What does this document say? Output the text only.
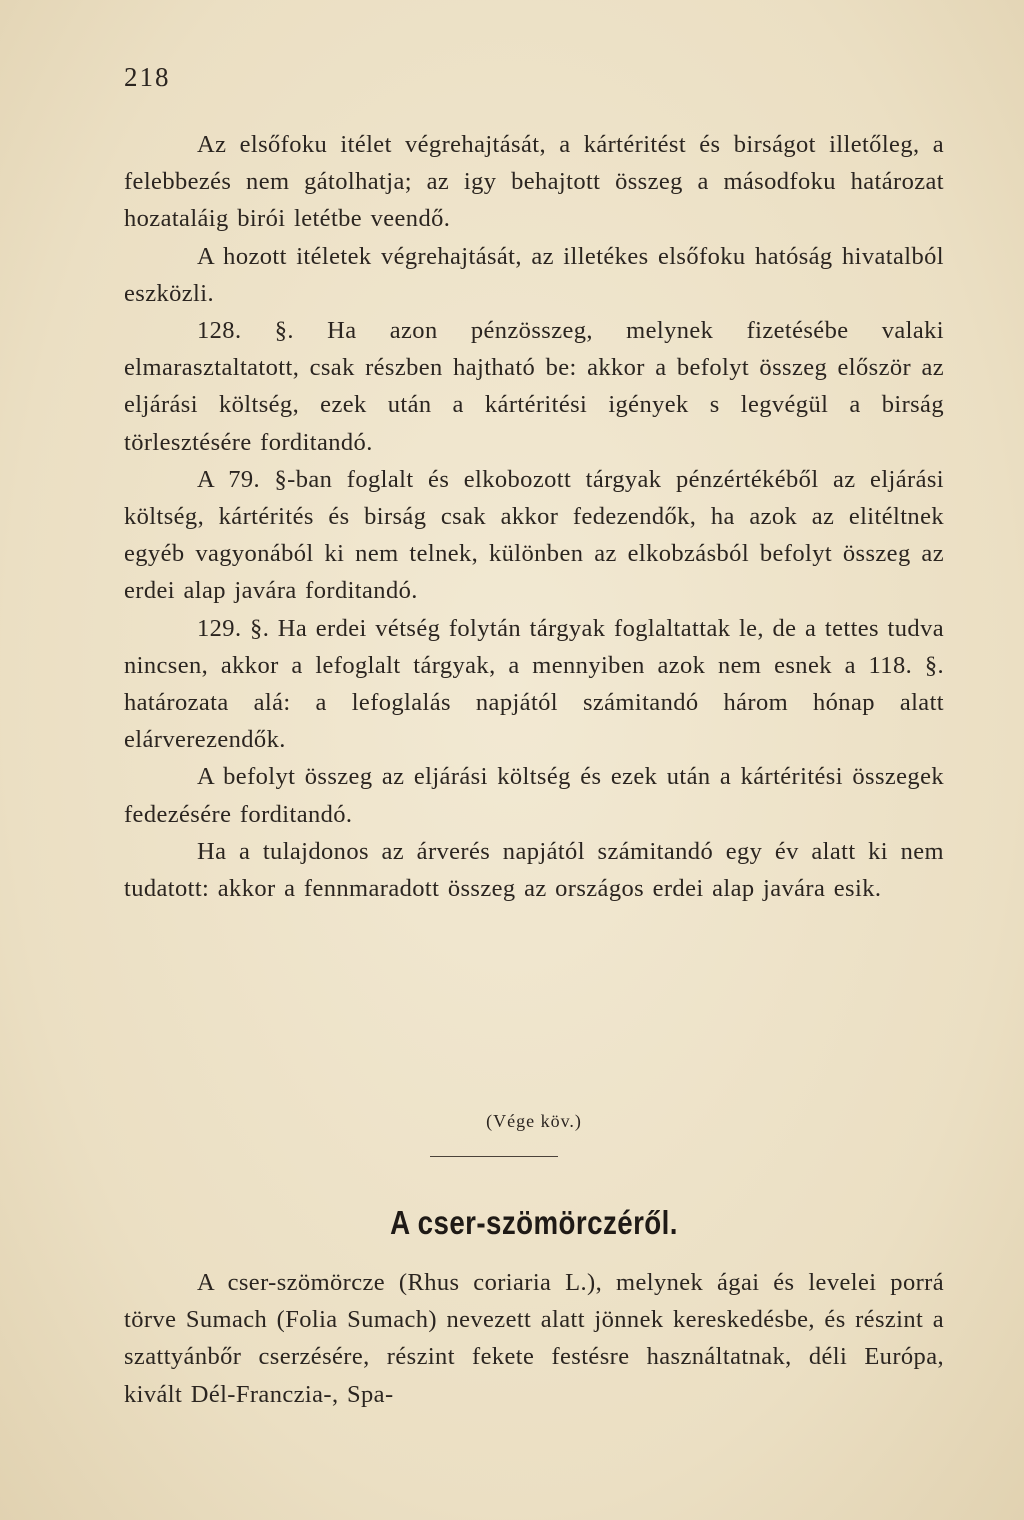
218

Az elsőfoku itélet végrehajtását, a kártéritést és birságot illetőleg, a felebbezés nem gátolhatja; az igy behajtott összeg a másodfoku határozat hozataláig birói letétbe veendő.

A hozott itéletek végrehajtását, az illetékes elsőfoku hatóság hivatalból eszközli.

128. §. Ha azon pénzösszeg, melynek fizetésébe valaki elmarasztaltatott, csak részben hajtható be: akkor a befolyt összeg először az eljárási költség, ezek után a kártéritési igények s legvégül a birság törlesztésére forditandó.

A 79. §-ban foglalt és elkobozott tárgyak pénzértékéből az eljárási költség, kártérités és birság csak akkor fedezendők, ha azok az elitéltnek egyéb vagyonából ki nem telnek, különben az elkobzásból befolyt összeg az erdei alap javára forditandó.

129. §. Ha erdei vétség folytán tárgyak foglaltattak le, de a tettes tudva nincsen, akkor a lefoglalt tárgyak, a mennyiben azok nem esnek a 118. §. határozata alá: a lefoglalás napjától számitandó három hónap alatt elárverezendők.

A befolyt összeg az eljárási költség és ezek után a kártéritési összegek fedezésére forditandó.

Ha a tulajdonos az árverés napjától számitandó egy év alatt ki nem tudatott: akkor a fennmaradott összeg az országos erdei alap javára esik.

(Vége köv.)
A cser-szömörczéről.

A cser-szömörcze (Rhus coriaria L.), melynek ágai és levelei porrá törve Sumach (Folia Sumach) nevezett alatt jönnek kereskedésbe, és részint a szattyánbőr cserzésére, részint fekete festésre használtatnak, déli Európa, kivált Dél-Franczia-, Spa-
